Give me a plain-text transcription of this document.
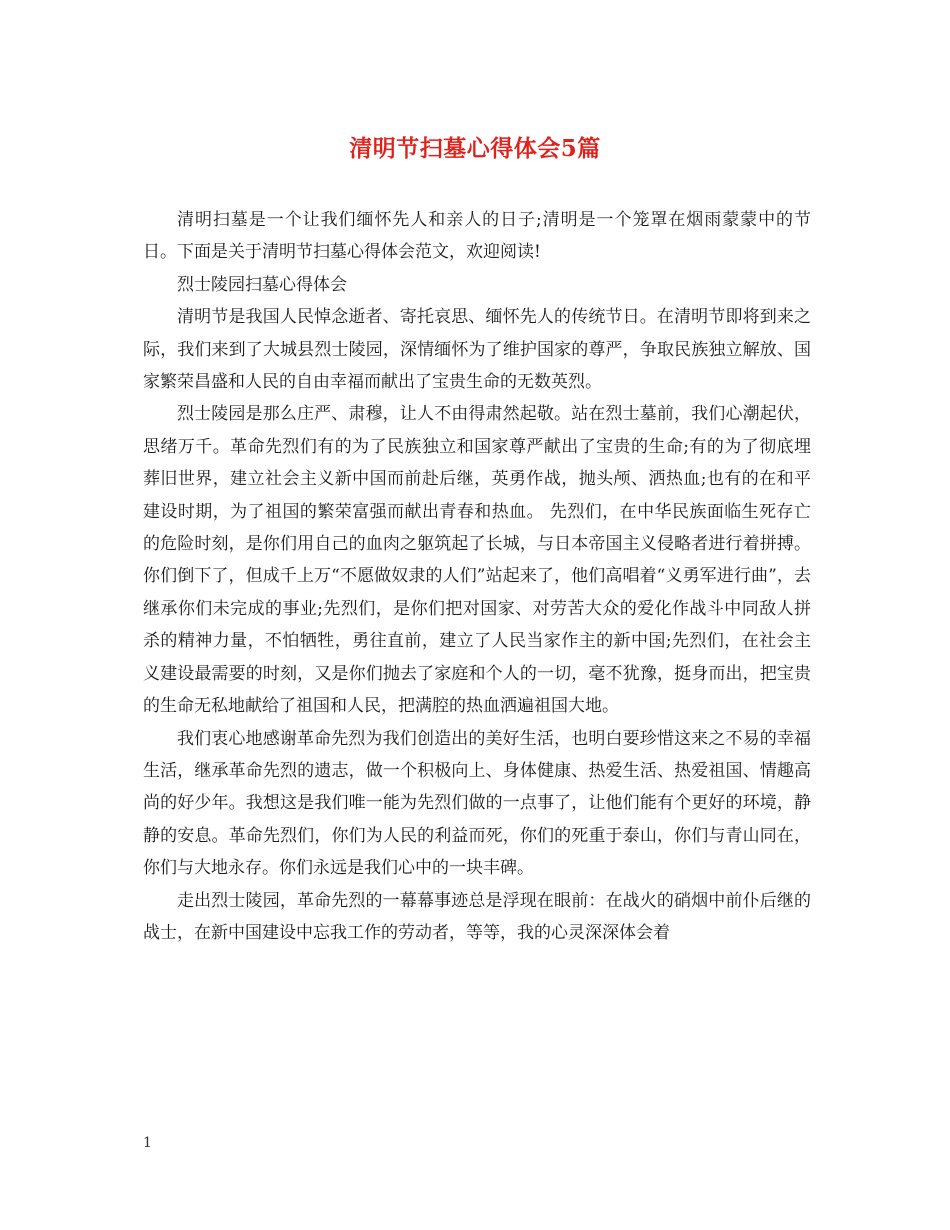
清明节扫墓心得体会5篇

清明扫墓是一个让我们缅怀先人和亲人的日子;清明是一个笼罩在烟雨蒙蒙中的节日。下面是关于清明节扫墓心得体会范文，欢迎阅读!

烈士陵园扫墓心得体会

清明节是我国人民悼念逝者、寄托哀思、缅怀先人的传统节日。在清明节即将到来之际，我们来到了大城县烈士陵园，深情缅怀为了维护国家的尊严，争取民族独立解放、国家繁荣昌盛和人民的自由幸福而献出了宝贵生命的无数英烈。

烈士陵园是那么庄严、肃穆，让人不由得肃然起敬。站在烈士墓前，我们心潮起伏，思绪万千。革命先烈们有的为了民族独立和国家尊严献出了宝贵的生命;有的为了彻底埋葬旧世界，建立社会主义新中国而前赴后继，英勇作战，抛头颅、洒热血;也有的在和平建设时期，为了祖国的繁荣富强而献出青春和热血。 先烈们，在中华民族面临生死存亡的危险时刻，是你们用自己的血肉之躯筑起了长城，与日本帝国主义侵略者进行着拼搏。你们倒下了，但成千上万“不愿做奴隶的人们”站起来了，他们高唱着“义勇军进行曲”，去继承你们未完成的事业;先烈们，是你们把对国家、对劳苦大众的爱化作战斗中同敌人拼杀的精神力量，不怕牺牲，勇往直前，建立了人民当家作主的新中国;先烈们，在社会主义建设最需要的时刻，又是你们抛去了家庭和个人的一切，毫不犹豫，挺身而出，把宝贵的生命无私地献给了祖国和人民，把满腔的热血洒遍祖国大地。

我们衷心地感谢革命先烈为我们创造出的美好生活，也明白要珍惜这来之不易的幸福生活，继承革命先烈的遗志，做一个积极向上、身体健康、热爱生活、热爱祖国、情趣高尚的好少年。我想这是我们唯一能为先烈们做的一点事了，让他们能有个更好的环境，静静的安息。革命先烈们，你们为人民的利益而死，你们的死重于泰山，你们与青山同在，你们与大地永存。你们永远是我们心中的一块丰碑。

走出烈士陵园，革命先烈的一幕幕事迹总是浮现在眼前：在战火的硝烟中前仆后继的战士，在新中国建设中忘我工作的劳动者，等等，我的心灵深深体会着

1
